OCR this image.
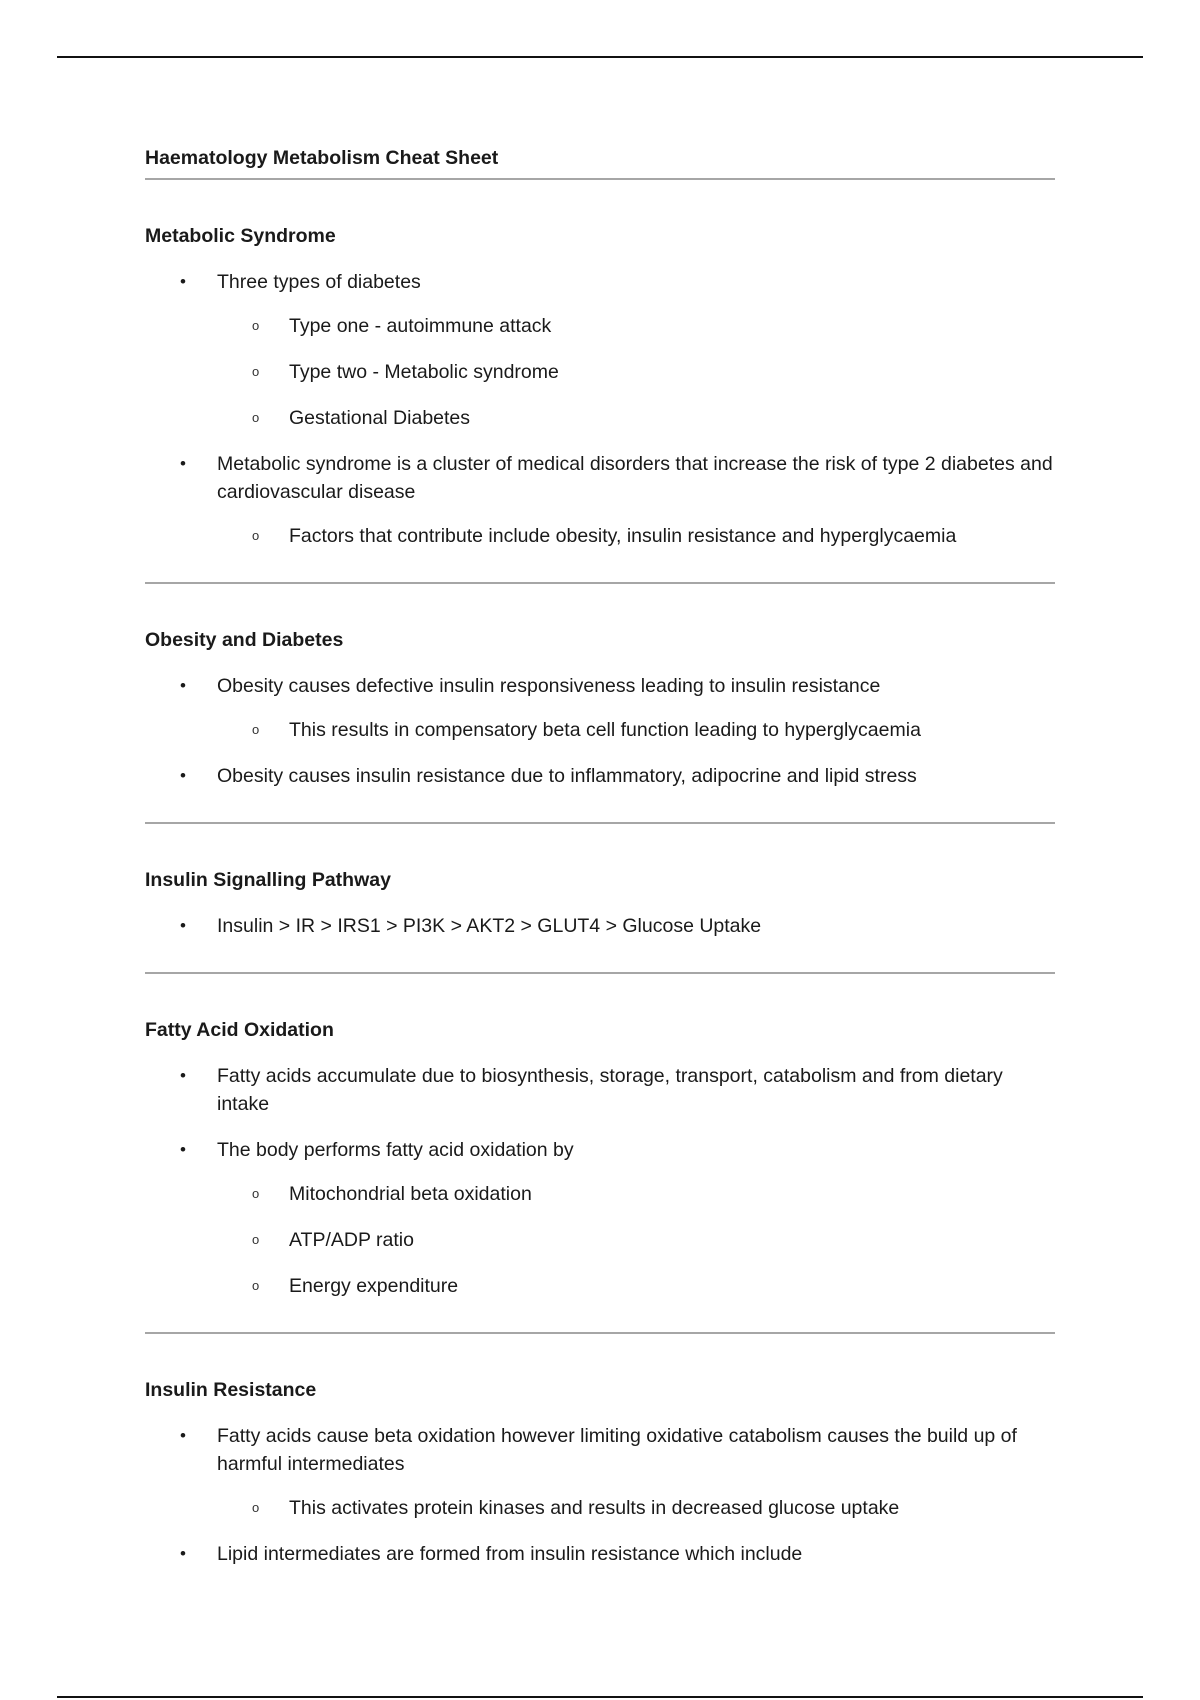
Haematology Metabolism Cheat Sheet
Metabolic Syndrome
• Three types of diabetes
o Type one - autoimmune attack
o Type two - Metabolic syndrome
o Gestational Diabetes
• Metabolic syndrome is a cluster of medical disorders that increase the risk of type 2 diabetes and cardiovascular disease
o Factors that contribute include obesity, insulin resistance and hyperglycaemia
Obesity and Diabetes
• Obesity causes defective insulin responsiveness leading to insulin resistance
o This results in compensatory beta cell function leading to hyperglycaemia
• Obesity causes insulin resistance due to inflammatory, adipocrine and lipid stress
Insulin Signalling Pathway
• Insulin > IR > IRS1 > PI3K > AKT2 > GLUT4 > Glucose Uptake
Fatty Acid Oxidation
• Fatty acids accumulate due to biosynthesis, storage, transport, catabolism and from dietary intake
• The body performs fatty acid oxidation by
o Mitochondrial beta oxidation
o ATP/ADP ratio
o Energy expenditure
Insulin Resistance
• Fatty acids cause beta oxidation however limiting oxidative catabolism causes the build up of harmful intermediates
o This activates protein kinases and results in decreased glucose uptake
• Lipid intermediates are formed from insulin resistance which include
